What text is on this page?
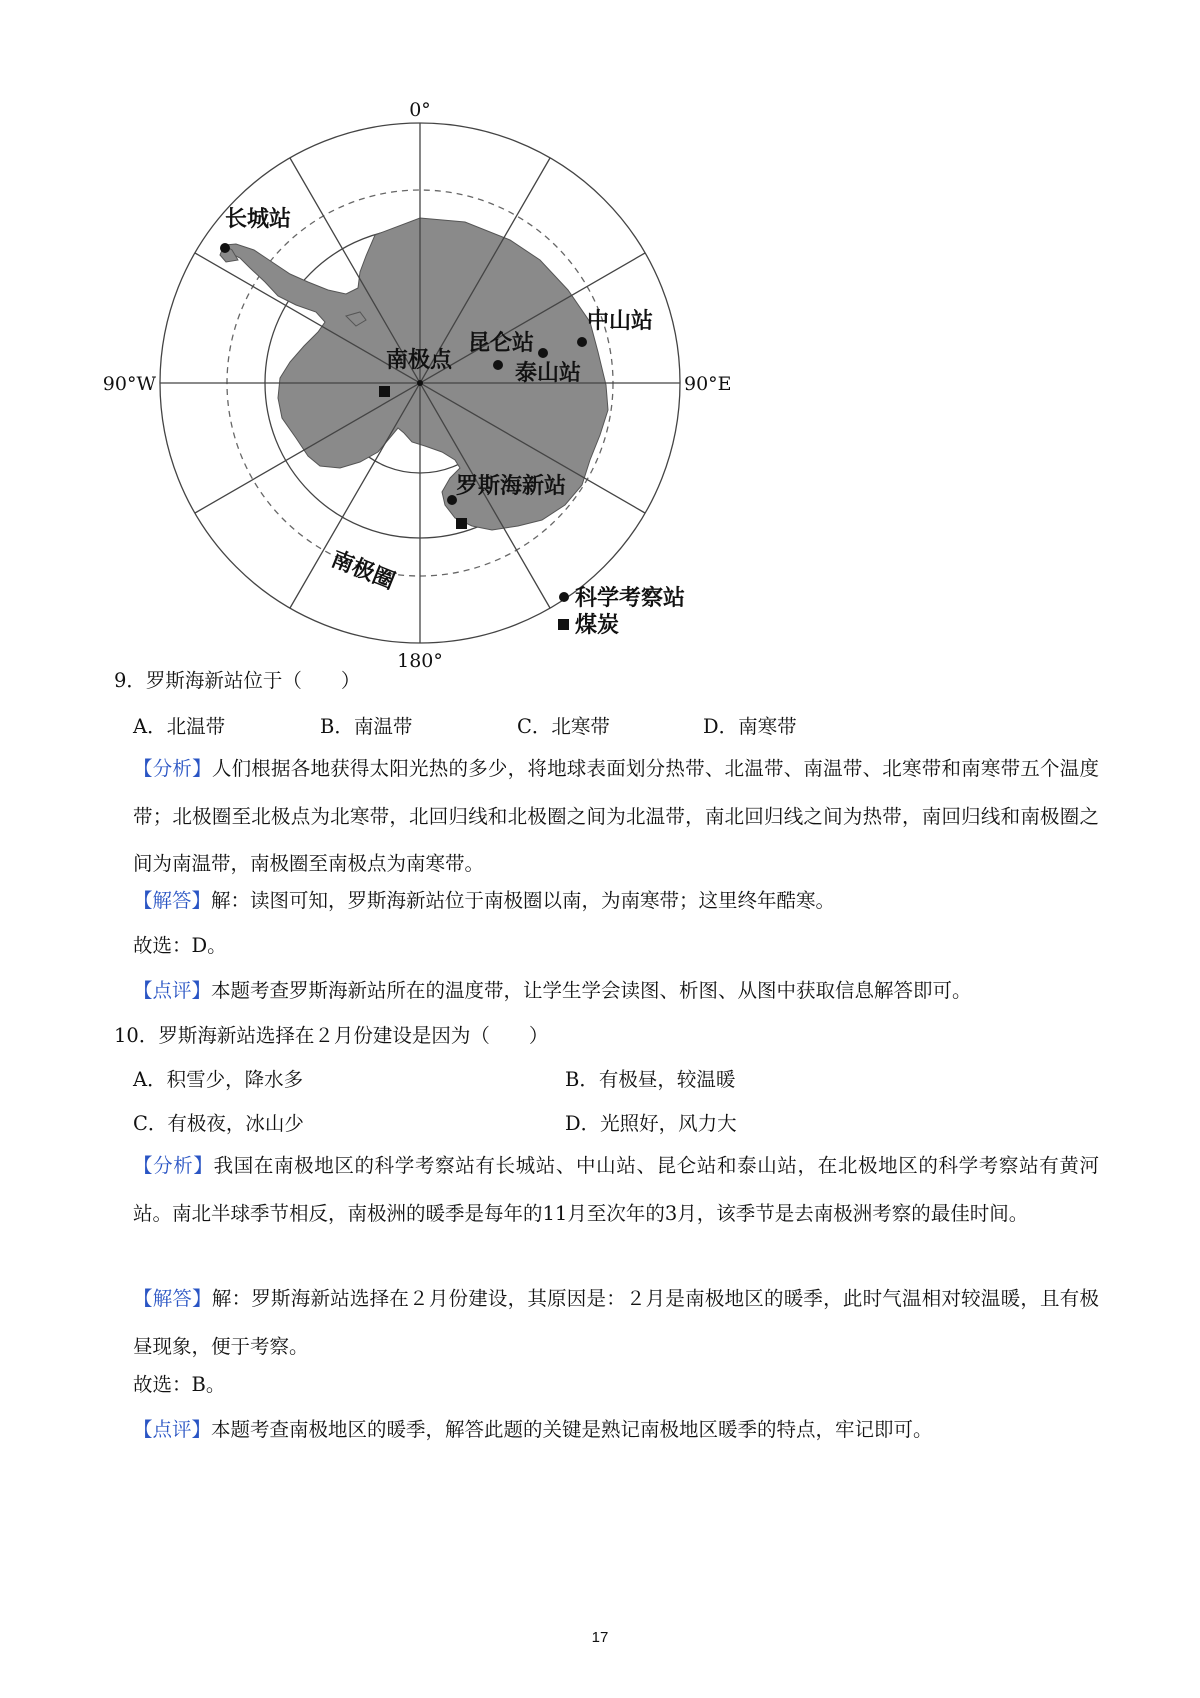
0°
180°
90°W	90°E
长城站
中山站
昆仑站
泰山站
南极点
罗斯海新站
南极圈
科学考察站
煤炭
9．罗斯海新站位于（　　）
A．北温带	B．南温带	C．北寒带	D．南寒带
【分析】人们根据各地获得太阳光热的多少，将地球表面划分热带、北温带、南温带、北寒带和南寒带五个温度带；北极圈至北极点为北寒带，北回归线和北极圈之间为北温带，南北回归线之间为热带，南回归线和南极圈之间为南温带，南极圈至南极点为南寒带。
【解答】解：读图可知，罗斯海新站位于南极圈以南，为南寒带；这里终年酷寒。
故选：D。
【点评】本题考查罗斯海新站所在的温度带，让学生学会读图、析图、从图中获取信息解答即可。
10．罗斯海新站选择在２月份建设是因为（　　）
A．积雪少，降水多	B．有极昼，较温暖
C．有极夜，冰山少	D．光照好，风力大
【分析】我国在南极地区的科学考察站有长城站、中山站、昆仑站和泰山站，在北极地区的科学考察站有黄河站。南北半球季节相反，南极洲的暖季是每年的11月至次年的3月，该季节是去南极洲考察的最佳时间。
【解答】解：罗斯海新站选择在２月份建设，其原因是：２月是南极地区的暖季，此时气温相对较温暖，且有极昼现象，便于考察。
故选：B。
【点评】本题考查南极地区的暖季，解答此题的关键是熟记南极地区暖季的特点，牢记即可。
17
